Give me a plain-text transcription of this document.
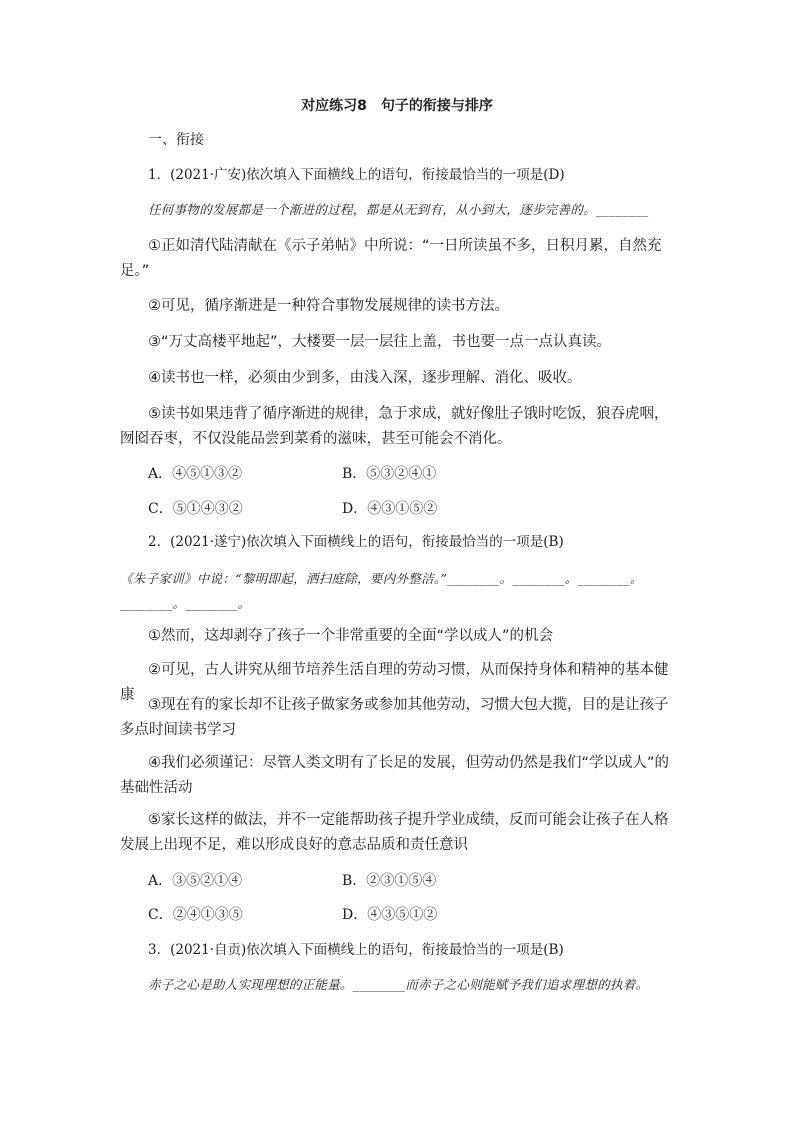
对应练习8　句子的衔接与排序
一、衔接
1．(2021·广安)依次填入下面横线上的语句，衔接最恰当的一项是(D)
任何事物的发展都是一个渐进的过程，都是从无到有，从小到大，逐步完善的。________
①正如清代陆清献在《示子弟帖》中所说：“一日所读虽不多，日积月累，自然充足。”
②可见，循序渐进是一种符合事物发展规律的读书方法。
③“万丈高楼平地起”，大楼要一层一层往上盖，书也要一点一点认真读。
④读书也一样，必须由少到多，由浅入深，逐步理解、消化、吸收。
⑤读书如果违背了循序渐进的规律，急于求成，就好像肚子饿时吃饭，狼吞虎咽，囫囵吞枣，不仅没能品尝到菜肴的滋味，甚至可能会不消化。
A．④⑤①③②	B．⑤③②④①
C．⑤①④③②	D．④③①⑤②
2．(2021·遂宁)依次填入下面横线上的语句，衔接最恰当的一项是(B)
《朱子家训》中说：“黎明即起，洒扫庭除，要内外整洁。”________。________。________。
________。________。
①然而，这却剥夺了孩子一个非常重要的全面“学以成人”的机会
②可见，古人讲究从细节培养生活自理的劳动习惯，从而保持身体和精神的基本健康
③现在有的家长却不让孩子做家务或参加其他劳动，习惯大包大揽，目的是让孩子多点时间读书学习
④我们必须谨记：尽管人类文明有了长足的发展，但劳动仍然是我们“学以成人”的基础性活动
⑤家长这样的做法，并不一定能帮助孩子提升学业成绩，反而可能会让孩子在人格发展上出现不足，难以形成良好的意志品质和责任意识
A．③⑤②①④	B．②③①⑤④
C．②④①③⑤	D．④③⑤①②
3．(2021·自贡)依次填入下面横线上的语句，衔接最恰当的一项是(B)
赤子之心是助人实现理想的正能量。________而赤子之心则能赋予我们追求理想的执着。
